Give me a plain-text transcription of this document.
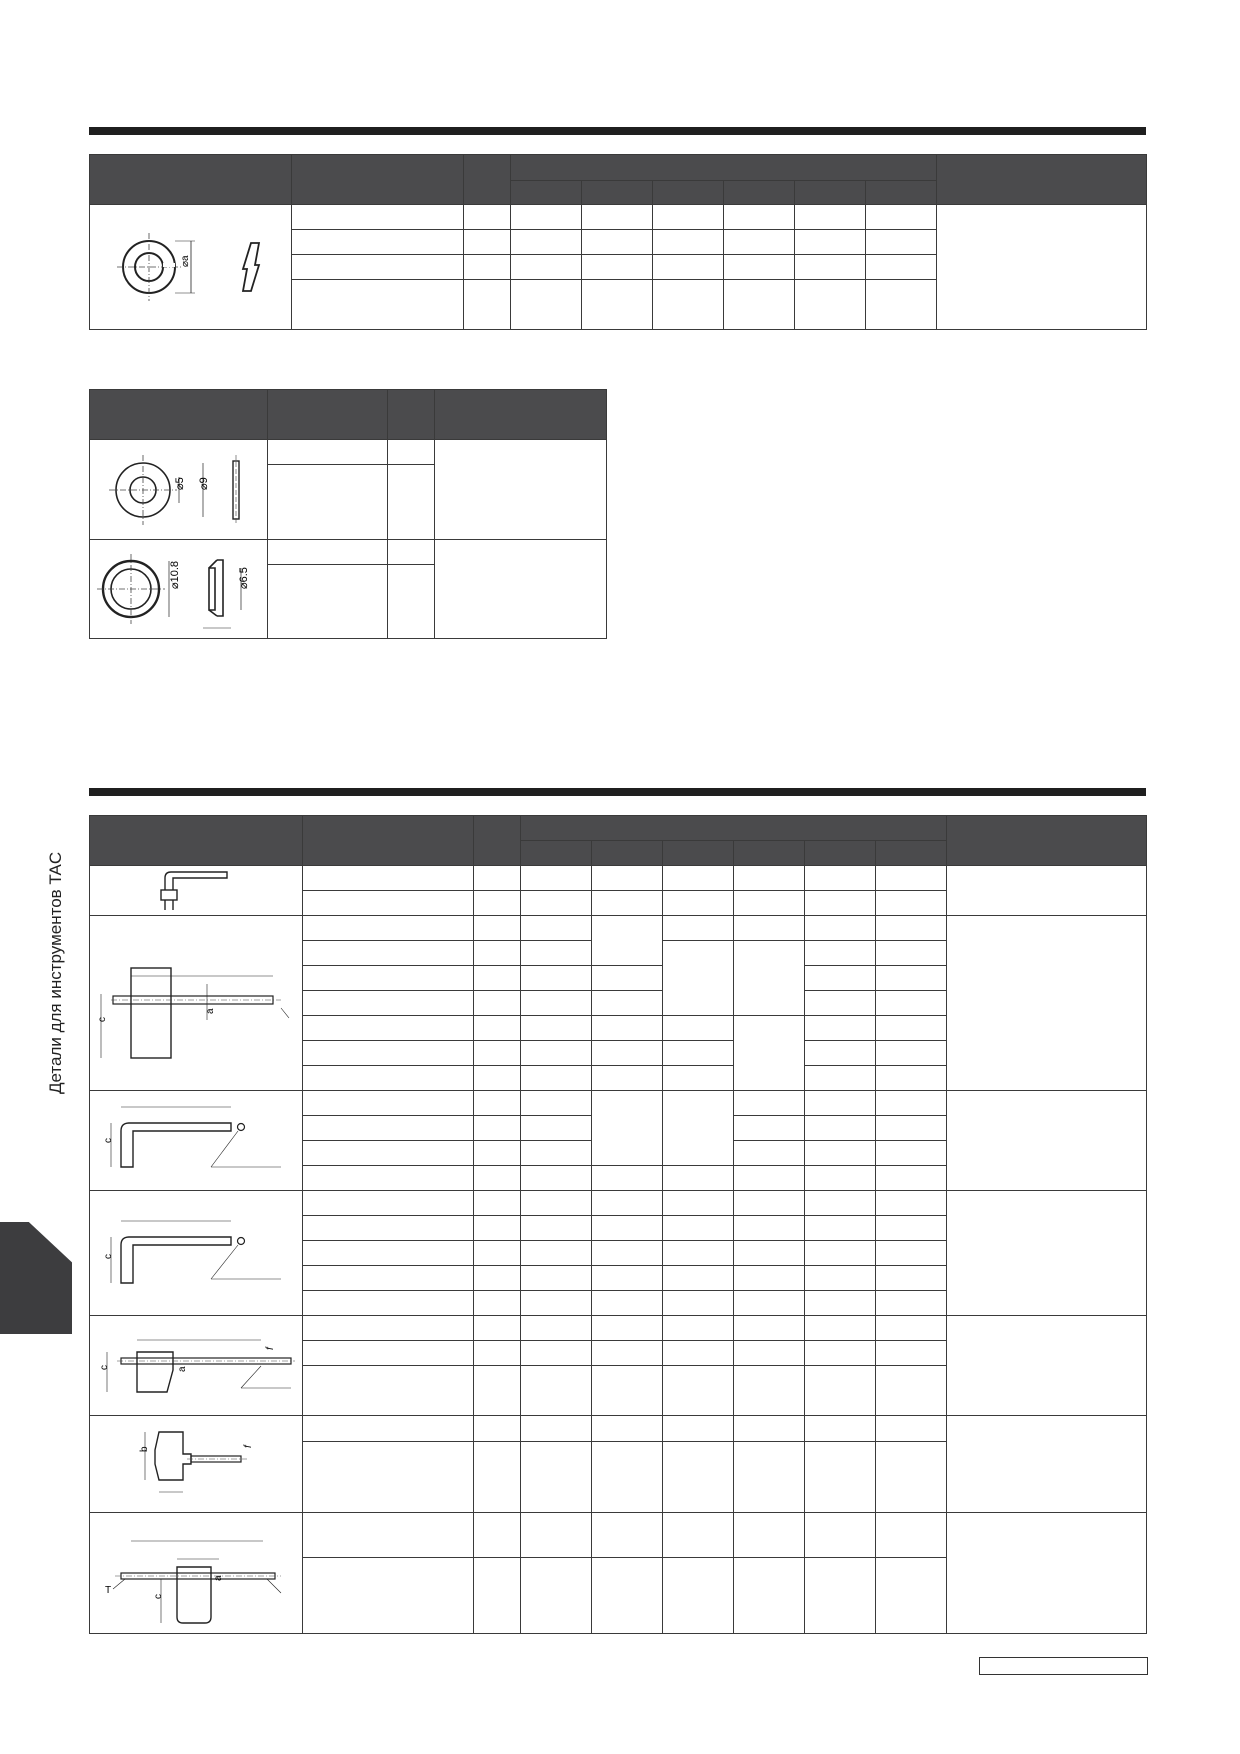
⌀a									

⌀5 ⌀9			

⌀10.8 ⌀6.5			

c
a									

c									

c									

c a
f									

b f									

c
a
T									

Детали для инструментов TAC
